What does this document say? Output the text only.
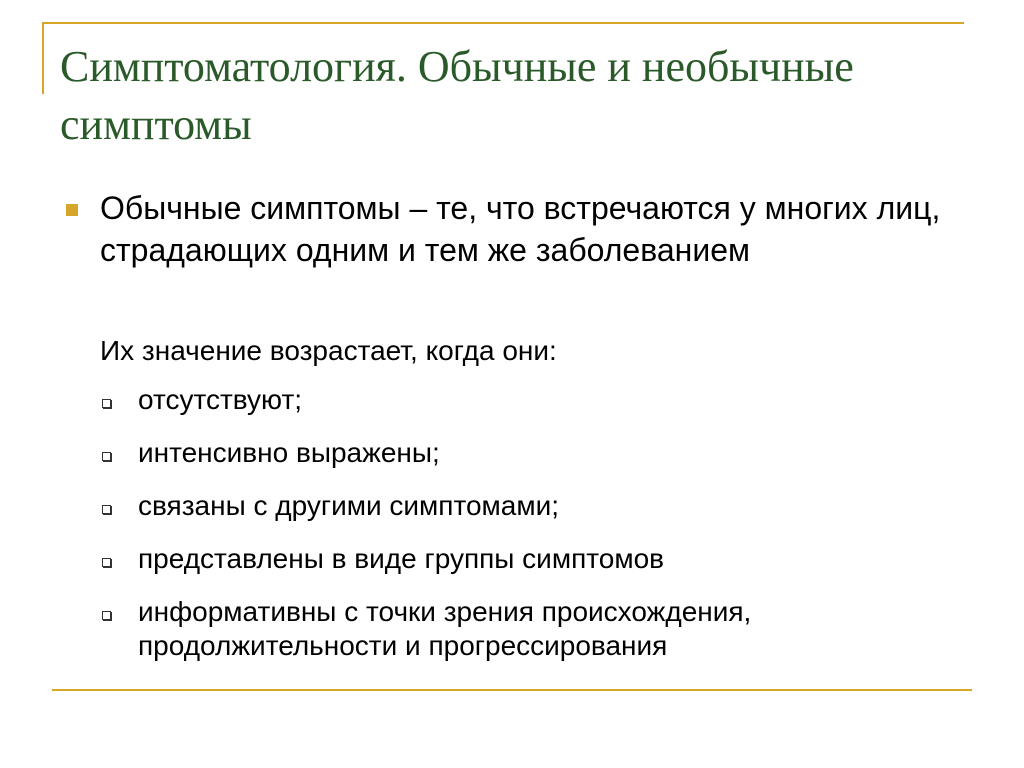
Симптоматология. Обычные и необычные симптомы
Обычные симптомы – те, что встречаются у многих лиц, страдающих одним и тем же заболеванием
Их значение возрастает, когда они:
отсутствуют;
интенсивно выражены;
связаны с другими симптомами;
представлены в виде группы симптомов
информативны с точки зрения происхождения, продолжительности и прогрессирования
